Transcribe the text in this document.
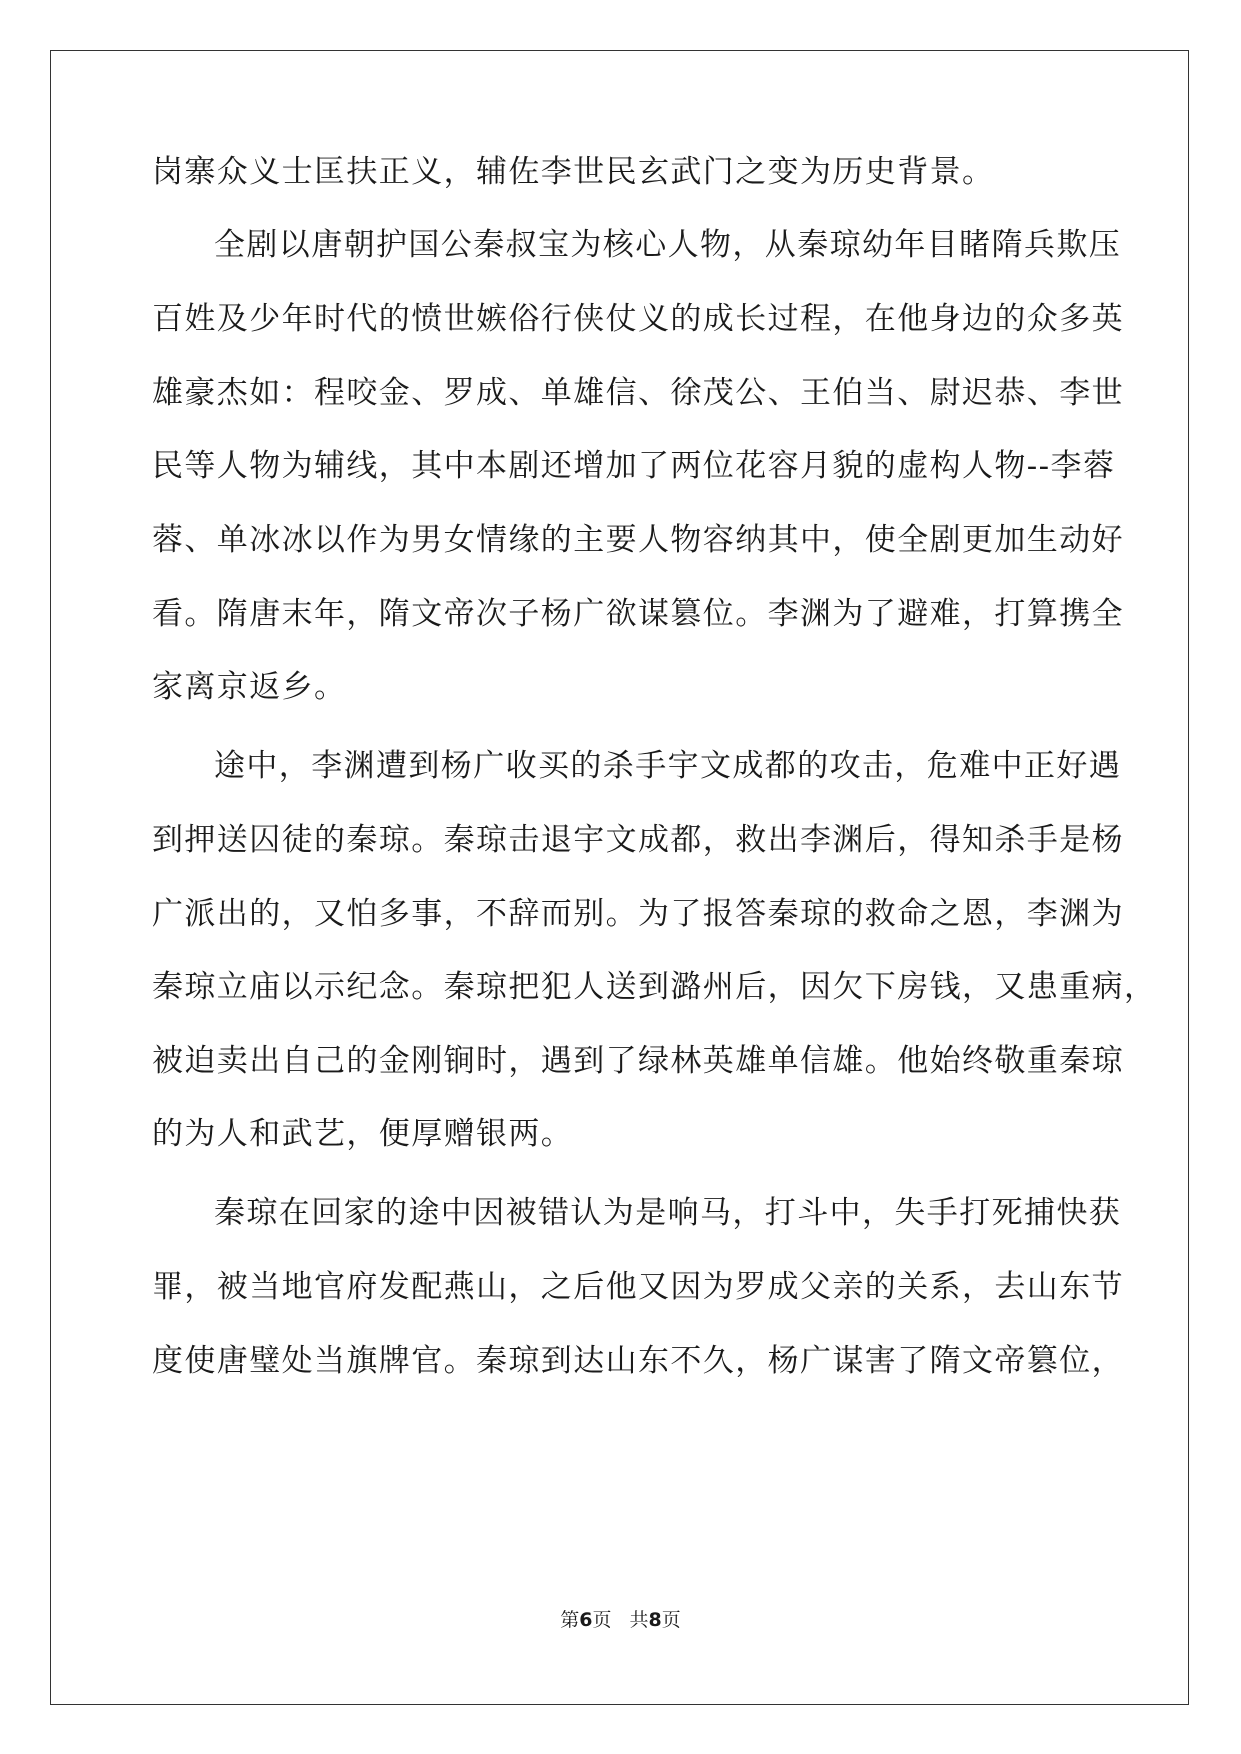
岗寨众义士匡扶正义，辅佐李世民玄武门之变为历史背景。

全剧以唐朝护国公秦叔宝为核心人物，从秦琼幼年目睹隋兵欺压

百姓及少年时代的愤世嫉俗行侠仗义的成长过程，在他身边的众多英

雄豪杰如：程咬金、罗成、单雄信、徐茂公、王伯当、尉迟恭、李世

民等人物为辅线，其中本剧还增加了两位花容月貌的虚构人物--李蓉

蓉、单冰冰以作为男女情缘的主要人物容纳其中，使全剧更加生动好

看。隋唐末年，隋文帝次子杨广欲谋篡位。李渊为了避难，打算携全

家离京返乡。

途中，李渊遭到杨广收买的杀手宇文成都的攻击，危难中正好遇

到押送囚徒的秦琼。秦琼击退宇文成都，救出李渊后，得知杀手是杨

广派出的，又怕多事，不辞而别。为了报答秦琼的救命之恩，李渊为

秦琼立庙以示纪念。秦琼把犯人送到潞州后，因欠下房钱，又患重病，

被迫卖出自己的金刚锏时，遇到了绿林英雄单信雄。他始终敬重秦琼

的为人和武艺，便厚赠银两。

秦琼在回家的途中因被错认为是响马，打斗中，失手打死捕快获

罪，被当地官府发配燕山，之后他又因为罗成父亲的关系，去山东节

度使唐璧处当旗牌官。秦琼到达山东不久，杨广谋害了隋文帝篡位，

第6页 共8页
